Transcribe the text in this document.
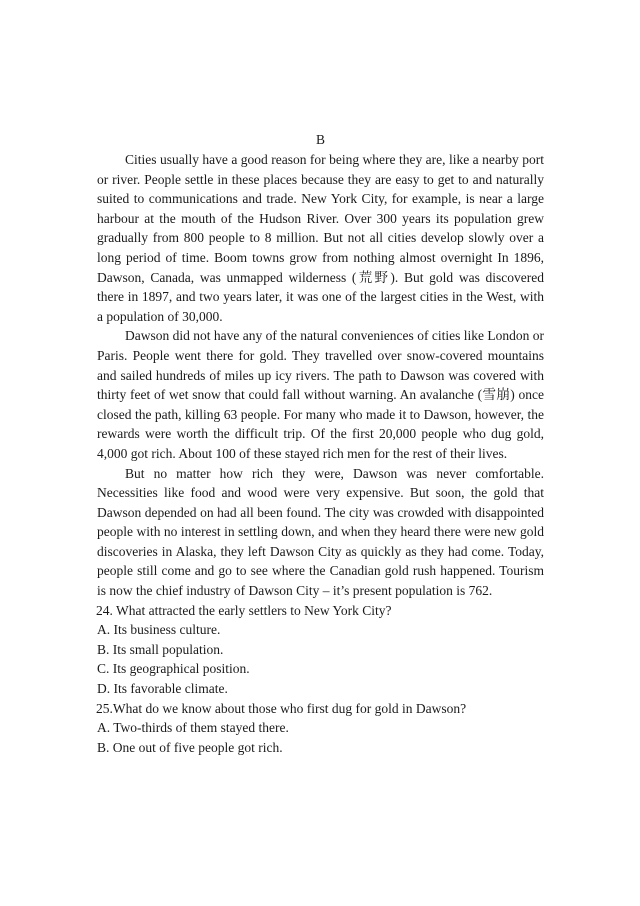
B

Cities usually have a good reason for being where they are, like a nearby port or river. People settle in these places because they are easy to get to and naturally suited to communications and trade. New York City, for example, is near a large harbour at the mouth of the Hudson River. Over 300 years its population grew gradually from 800 people to 8 million. But not all cities develop slowly over a long period of time. Boom towns grow from nothing almost overnight In 1896, Dawson, Canada, was unmapped wilderness (荒野). But gold was discovered there in 1897, and two years later, it was one of the largest cities in the West, with a population of 30,000.

Dawson did not have any of the natural conveniences of cities like London or Paris. People went there for gold. They travelled over snow-covered mountains and sailed hundreds of miles up icy rivers. The path to Dawson was covered with thirty feet of wet snow that could fall without warning. An avalanche (雪崩) once closed the path, killing 63 people. For many who made it to Dawson, however, the rewards were worth the difficult trip. Of the first 20,000 people who dug gold, 4,000 got rich. About 100 of these stayed rich men for the rest of their lives.

But no matter how rich they were, Dawson was never comfortable. Necessities like food and wood were very expensive. But soon, the gold that Dawson depended on had all been found. The city was crowded with disappointed people with no interest in settling down, and when they heard there were new gold discoveries in Alaska, they left Dawson City as quickly as they had come. Today, people still come and go to see where the Canadian gold rush happened. Tourism is now the chief industry of Dawson City – it’s present population is 762.

24. What attracted the early settlers to New York City?

A. Its business culture.

B. Its small population.

C. Its geographical position.

D. Its favorable climate.

25.What do we know about those who first dug for gold in Dawson?

A. Two-thirds of them stayed there.

B. One out of five people got rich.
